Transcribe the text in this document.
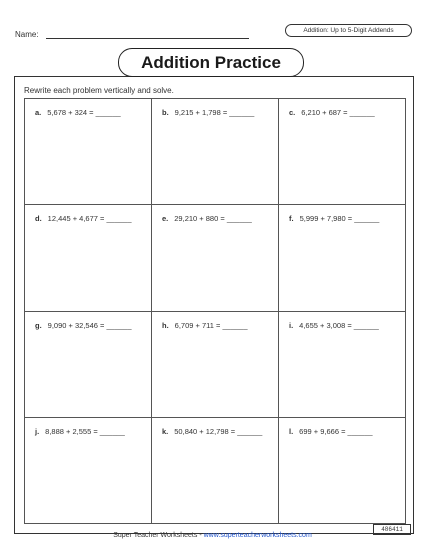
Name:	Addition: Up to 5-Digit Addends
Addition Practice
Rewrite each problem vertically and solve.
a. 5,678 + 324 = ______	b. 9,215 + 1,798 = ______	c. 6,210 + 687 = ______
d. 12,445 + 4,677 = ______	e. 29,210 + 880 = ______	f. 5,999 + 7,980 = ______
g. 9,090 + 32,546 = ______	h. 6,709 + 711 = ______	i. 4,655 + 3,008 = ______
j. 8,888 + 2,555 = ______	k. 50,840 + 12,798 = ______	l. 699 + 9,666 = ______
Super Teacher Worksheets - www.superteacherworksheets.com
486411
